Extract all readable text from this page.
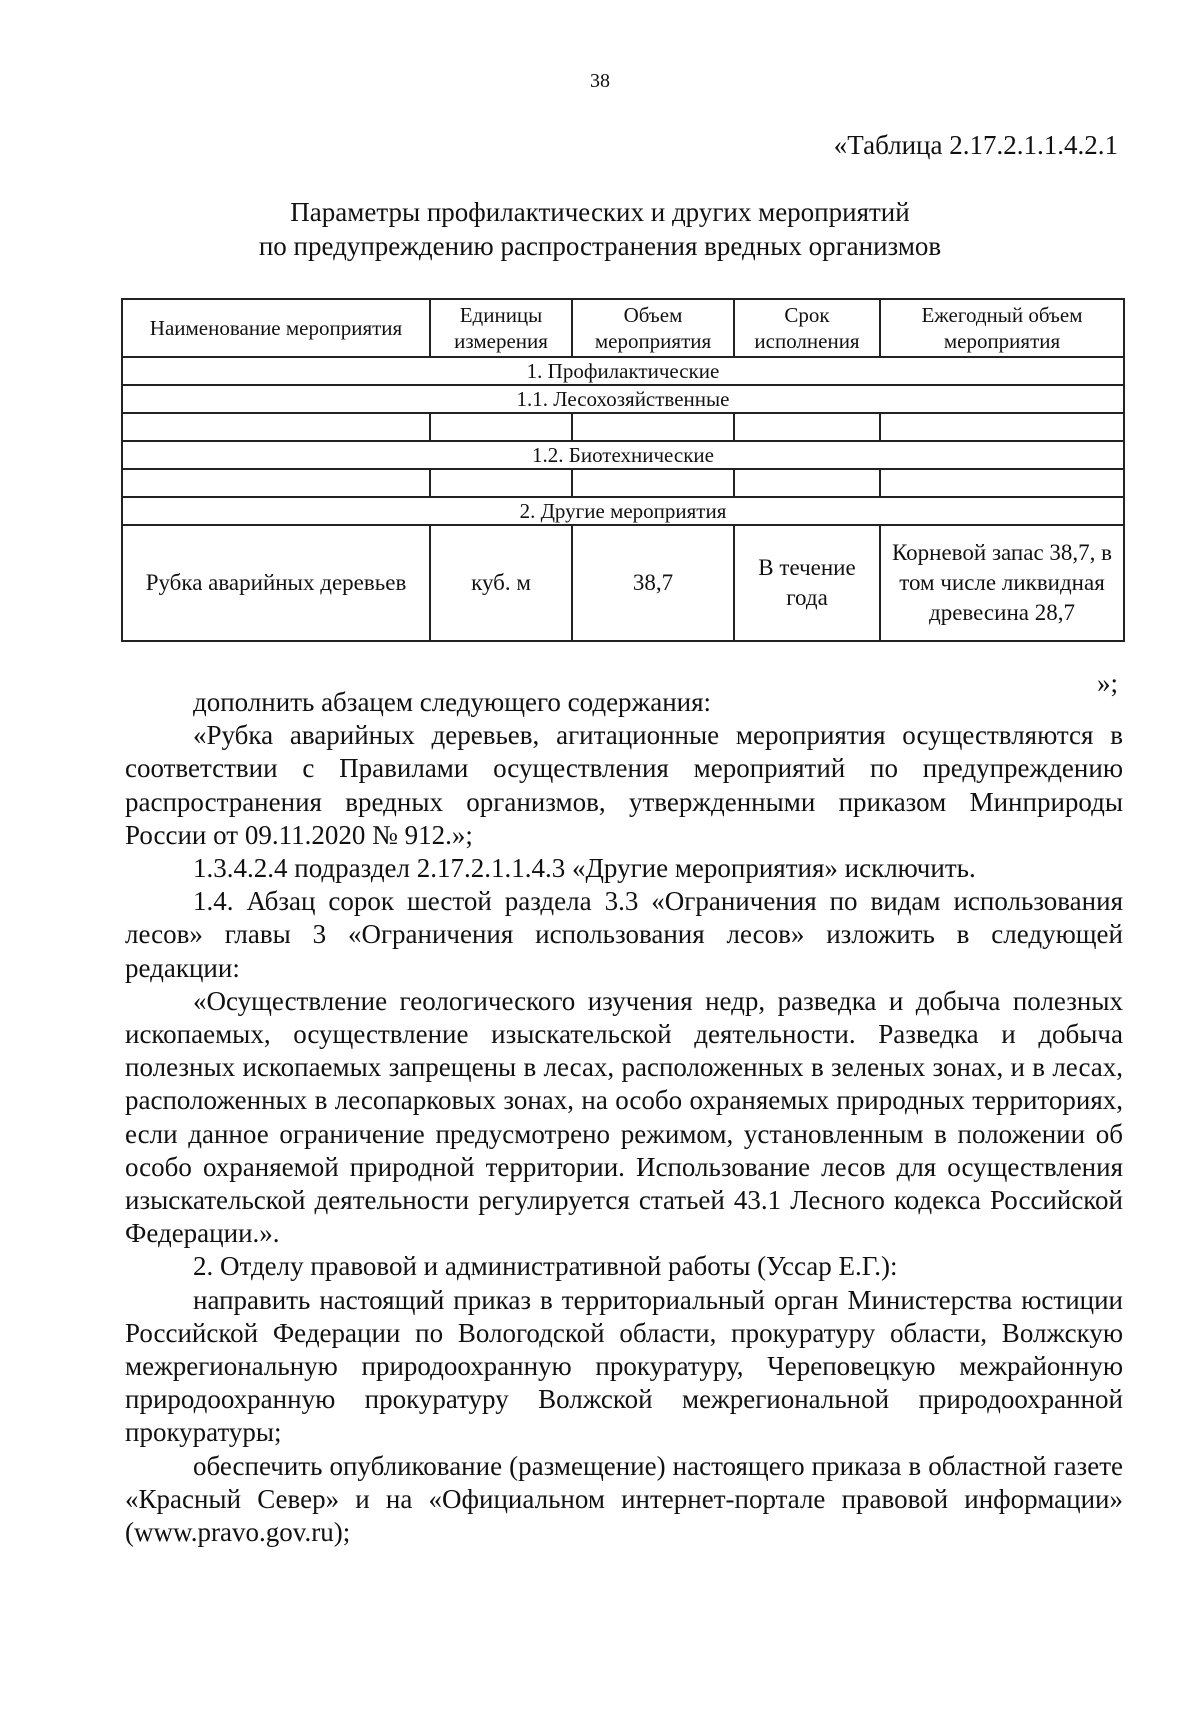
38
«Таблица 2.17.2.1.1.4.2.1
Параметры профилактических и других мероприятий
по предупреждению распространения вредных организмов
Наименование мероприятия	Единицы измерения	Объем мероприятия	Срок исполнения	Ежегодный объем мероприятия
1. Профилактические				
1.1. Лесохозяйственные				

1.2. Биотехнические				

2. Другие мероприятия				
Рубка аварийных деревьев	куб. м	38,7	В течение года	Корневой запас 38,7, в том числе ликвидная древесина 28,7
»;

дополнить абзацем следующего содержания:

«Рубка аварийных деревьев, агитационные мероприятия осуществляются в соответствии с Правилами осуществления мероприятий по предупреждению распространения вредных организмов, утвержденными приказом Минприроды России от 09.11.2020 № 912.»;

1.3.4.2.4 подраздел 2.17.2.1.1.4.3 «Другие мероприятия» исключить.

1.4. Абзац сорок шестой раздела 3.3 «Ограничения по видам использования лесов» главы 3 «Ограничения использования лесов» изложить в следующей редакции:

«Осуществление геологического изучения недр, разведка и добыча полезных ископаемых, осуществление изыскательской деятельности. Разведка и добыча полезных ископаемых запрещены в лесах, расположенных в зеленых зонах, и в лесах, расположенных в лесопарковых зонах, на особо охраняемых природных территориях, если данное ограничение предусмотрено режимом, установленным в положении об особо охраняемой природной территории. Использование лесов для осуществления изыскательской деятельности регулируется статьей 43.1 Лесного кодекса Российской Федерации.».

2. Отделу правовой и административной работы (Уссар Е.Г.):

направить настоящий приказ в территориальный орган Министерства юстиции Российской Федерации по Вологодской области, прокуратуру области, Волжскую межрегиональную природоохранную прокуратуру, Череповецкую межрайонную природоохранную прокуратуру Волжской межрегиональной природоохранной прокуратуры;

обеспечить опубликование (размещение) настоящего приказа в областной газете «Красный Север» и на «Официальном интернет-портале правовой информации» (www.pravo.gov.ru);
